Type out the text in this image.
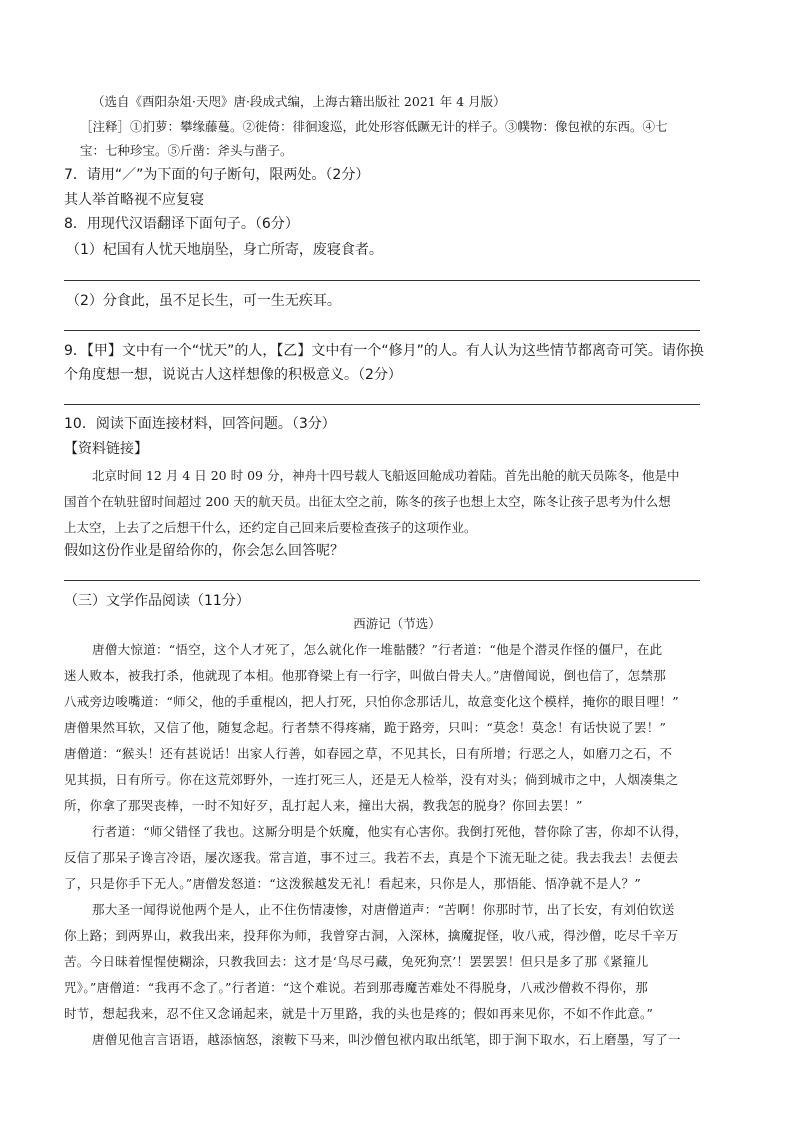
（选自《酉阳杂俎·天咫》唐·段成式编，上海古籍出版社 2021 年 4 月版）
［注释］①扪萝：攀缘藤蔓。②徙倚：徘徊逡巡，此处形容低蹶无计的样子。③幞物：像包袱的东西。④七
宝：七种珍宝。⑤斤凿：斧头与凿子。
7．请用“／”为下面的句子断句，限两处。（2分）
其人举首略视不应复寝
8．用现代汉语翻译下面句子。（6分）
（1）杞国有人忧天地崩坠，身亡所寄，废寝食者。
（2）分食此，虽不足长生，可一生无疾耳。
9．【甲】文中有一个“忧天”的人，【乙】文中有一个“修月”的人。有人认为这些情节都离奇可笑。请你换
个角度想一想，说说古人这样想像的积极意义。（2分）
10．阅读下面连接材料，回答问题。（3分）
【资料链接】
北京时间 12 月 4 日 20 时 09 分，神舟十四号载人飞船返回舱成功着陆。首先出舱的航天员陈冬，他是中
国首个在轨驻留时间超过 200 天的航天员。出征太空之前，陈冬的孩子也想上太空，陈冬让孩子思考为什么想
上太空，上去了之后想干什么，还约定自己回来后要检查孩子的这项作业。
假如这份作业是留给你的，你会怎么回答呢？
（三）文学作品阅读（11分）
西游记（节选）
唐僧大惊道：“悟空，这个人才死了，怎么就化作一堆骷髅？”行者道：“他是个潜灵作怪的僵尸，在此
迷人败本，被我打杀，他就现了本相。他那脊梁上有一行字，叫做白骨夫人。”唐僧闻说，倒也信了，怎禁那
八戒旁边唆嘴道：“师父，他的手重棍凶，把人打死，只怕你念那话儿，故意变化这个模样，掩你的眼目哩！”
唐僧果然耳软，又信了他，随复念起。行者禁不得疼痛，跪于路旁，只叫：“莫念！莫念！有话快说了罢！”
唐僧道：“猴头！还有甚说话！出家人行善，如春园之草，不见其长，日有所增；行恶之人，如磨刀之石，不
见其损，日有所亏。你在这荒郊野外，一连打死三人，还是无人检举，没有对头；倘到城市之中，人烟凑集之
所，你拿了那哭丧棒，一时不知好歹，乱打起人来，撞出大祸，教我怎的脱身？你回去罢！”
行者道：“师父错怪了我也。这厮分明是个妖魔，他实有心害你。我倒打死他，替你除了害，你却不认得，
反信了那呆子谗言冷语，屡次逐我。常言道，事不过三。我若不去，真是个下流无耻之徒。我去我去！去便去
了，只是你手下无人。”唐僧发怒道：“这泼猴越发无礼！看起来，只你是人，那悟能、悟净就不是人？”
那大圣一闻得说他两个是人，止不住伤情凄惨，对唐僧道声：“苦啊！你那时节，出了长安，有刘伯钦送
你上路；到两界山，救我出来，投拜你为师，我曾穿古洞，入深林，擒魔捉怪，收八戒，得沙僧，吃尽千辛万
苦。今日昧着惺惺使糊涂，只教我回去：这才是‘鸟尽弓藏，兔死狗烹’！罢罢罢！但只是多了那《紧箍儿
咒》。”唐僧道：“我再不念了。”行者道：“这个难说。若到那毒魔苦难处不得脱身，八戒沙僧救不得你，那
时节，想起我来，忍不住又念诵起来，就是十万里路，我的头也是疼的；假如再来见你，不如不作此意。”
唐僧见他言言语语，越添恼怒，滚鞍下马来，叫沙僧包袱内取出纸笔，即于涧下取水，石上磨墨，写了一
